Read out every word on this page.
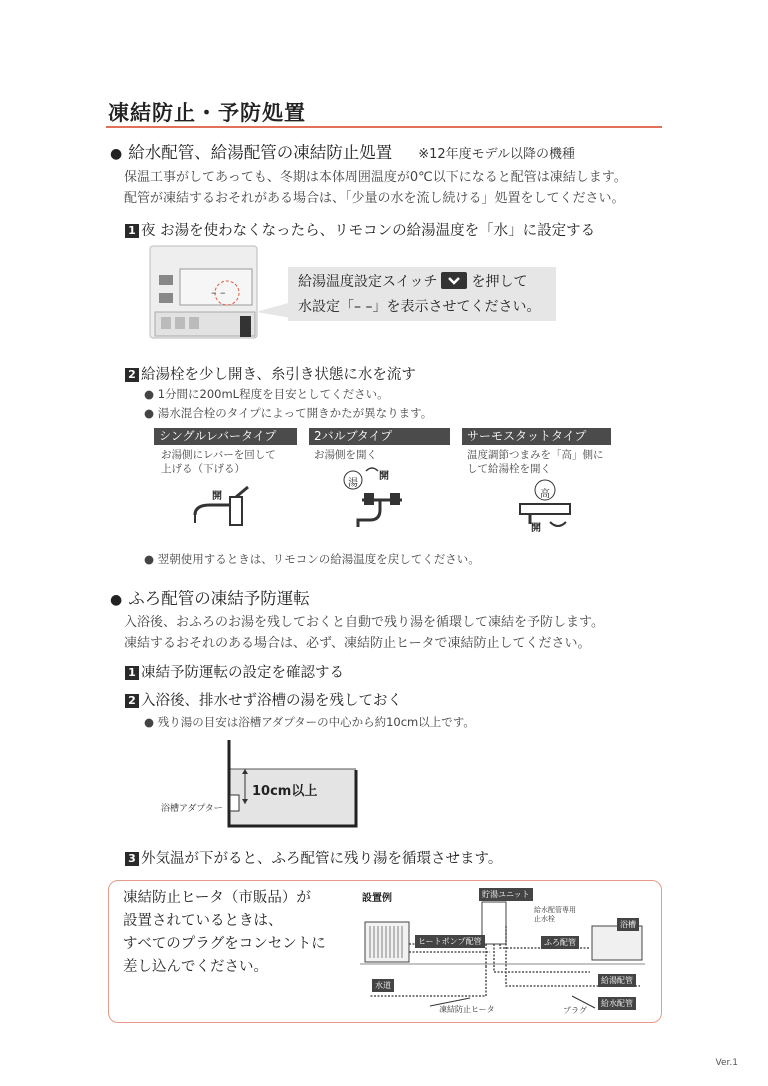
凍結防止・予防処置
● 給水配管、給湯配管の凍結防止処置 ※12年度モデル以降の機種
保温工事がしてあっても、冬期は本体周囲温度が0℃以下になると配管は凍結します。
配管が凍結するおそれがある場合は、「少量の水を流し続ける」処置をしてください。
1 夜 お湯を使わなくなったら、リモコンの給湯温度を「水」に設定する
– –
給湯温度設定スイッチ を押して
水設定「– –」を表示させてください。
2 給湯栓を少し開き、糸引き状態に水を流す
● 1分間に200mL程度を目安としてください。
● 湯水混合栓のタイプによって開きかたが異なります。
シングルレバータイプ
お湯側にレバーを回して
上げる（下げる）
開
2バルブタイプ
お湯側を開く
湯
開
サーモスタットタイプ
温度調節つまみを「高」側に
して給湯栓を開く
高
開
● 翌朝使用するときは、リモコンの給湯温度を戻してください。
● ふろ配管の凍結予防運転
入浴後、おふろのお湯を残しておくと自動で残り湯を循環して凍結を予防します。
凍結するおそれのある場合は、必ず、凍結防止ヒータで凍結防止してください。
1 凍結予防運転の設定を確認する
2 入浴後、排水せず浴槽の湯を残しておく
● 残り湯の目安は浴槽アダプターの中心から約10cm以上です。
10cm以上
浴槽アダプター
3 外気温が下がると、ふろ配管に残り湯を循環させます。
凍結防止ヒータ（市販品）が
設置されているときは、
すべてのプラグをコンセントに
差し込んでください。
設置例	貯湯ユニット
給水配管専用
止水栓
浴槽
ヒートポンプ配管	ふろ配管
給湯配管
給水配管
水道
凍結防止ヒータ	プラグ
Ver.1
